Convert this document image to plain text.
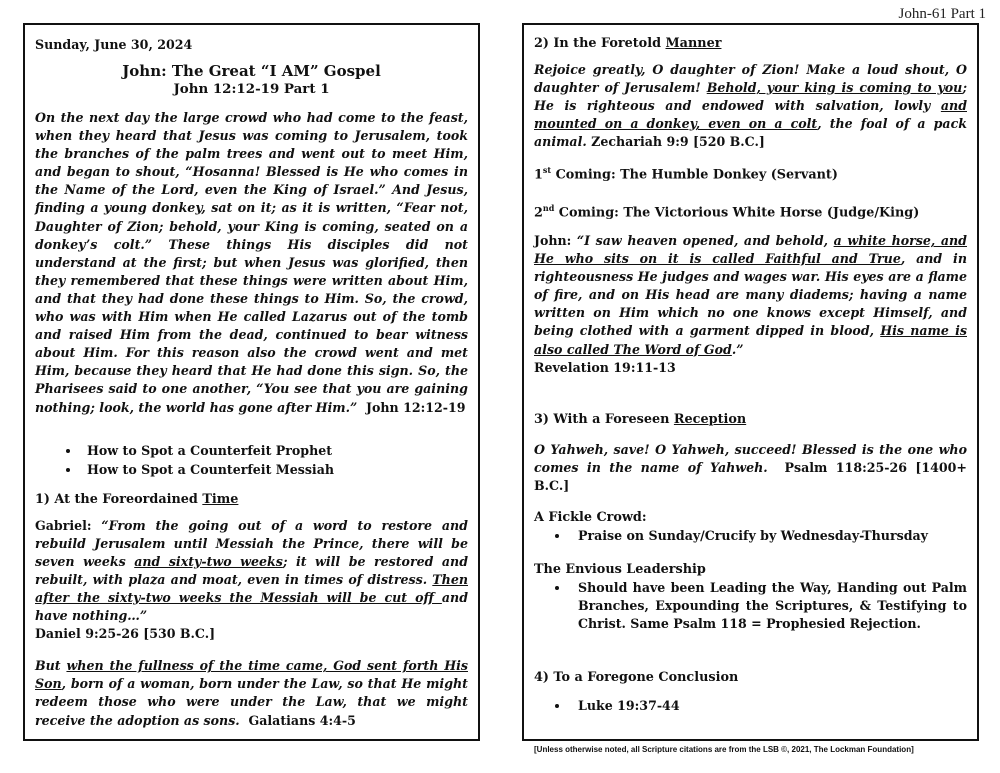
John-61 Part 1

Sunday, June 30, 2024

John: The Great “I AM” Gospel

John 12:12-19 Part 1

On the next day the large crowd who had come to the feast, when they heard that Jesus was coming to Jerusalem, took the branches of the palm trees and went out to meet Him, and began to shout, “Hosanna! Blessed is He who comes in the Name of the Lord, even the King of Israel.” And Jesus, finding a young donkey, sat on it; as it is written, “Fear not, Daughter of Zion; behold, your King is coming, seated on a donkey’s colt.” These things His disciples did not understand at the first; but when Jesus was glorified, then they remembered that these things were written about Him, and that they had done these things to Him. So, the crowd, who was with Him when He called Lazarus out of the tomb and raised Him from the dead, continued to bear witness about Him. For this reason also the crowd went and met Him, because they heard that He had done this sign. So, the Pharisees said to one another, “You see that you are gaining nothing; look, the world has gone after Him.” John 12:12-19

• How to Spot a Counterfeit Prophet
• How to Spot a Counterfeit Messiah

1) At the Foreordained Time

Gabriel: “From the going out of a word to restore and rebuild Jerusalem until Messiah the Prince, there will be seven weeks and sixty-two weeks; it will be restored and rebuilt, with plaza and moat, even in times of distress. Then after the sixty-two weeks the Messiah will be cut off and have nothing…”
Daniel 9:25-26 [530 B.C.]

But when the fullness of the time came, God sent forth His Son, born of a woman, born under the Law, so that He might redeem those who were under the Law, that we might receive the adoption as sons. Galatians 4:4-5

2) In the Foretold Manner

Rejoice greatly, O daughter of Zion! Make a loud shout, O daughter of Jerusalem! Behold, your king is coming to you; He is righteous and endowed with salvation, lowly and mounted on a donkey, even on a colt, the foal of a pack animal. Zechariah 9:9 [520 B.C.]

1st Coming: The Humble Donkey (Servant)

2nd Coming: The Victorious White Horse (Judge/King)

John: “I saw heaven opened, and behold, a white horse, and He who sits on it is called Faithful and True, and in righteousness He judges and wages war. His eyes are a flame of fire, and on His head are many diadems; having a name written on Him which no one knows except Himself, and being clothed with a garment dipped in blood, His name is also called The Word of God.”
Revelation 19:11-13

3) With a Foreseen Reception

O Yahweh, save! O Yahweh, succeed! Blessed is the one who comes in the name of Yahweh. Psalm 118:25-26 [1400+ B.C.]

A Fickle Crowd:

• Praise on Sunday/Crucify by Wednesday-Thursday

The Envious Leadership

• Should have been Leading the Way, Handing out Palm Branches, Expounding the Scriptures, & Testifying to Christ. Same Psalm 118 = Prophesied Rejection.

4) To a Foregone Conclusion

• Luke 19:37-44

[Unless otherwise noted, all Scripture citations are from the LSB ©, 2021, The Lockman Foundation]
